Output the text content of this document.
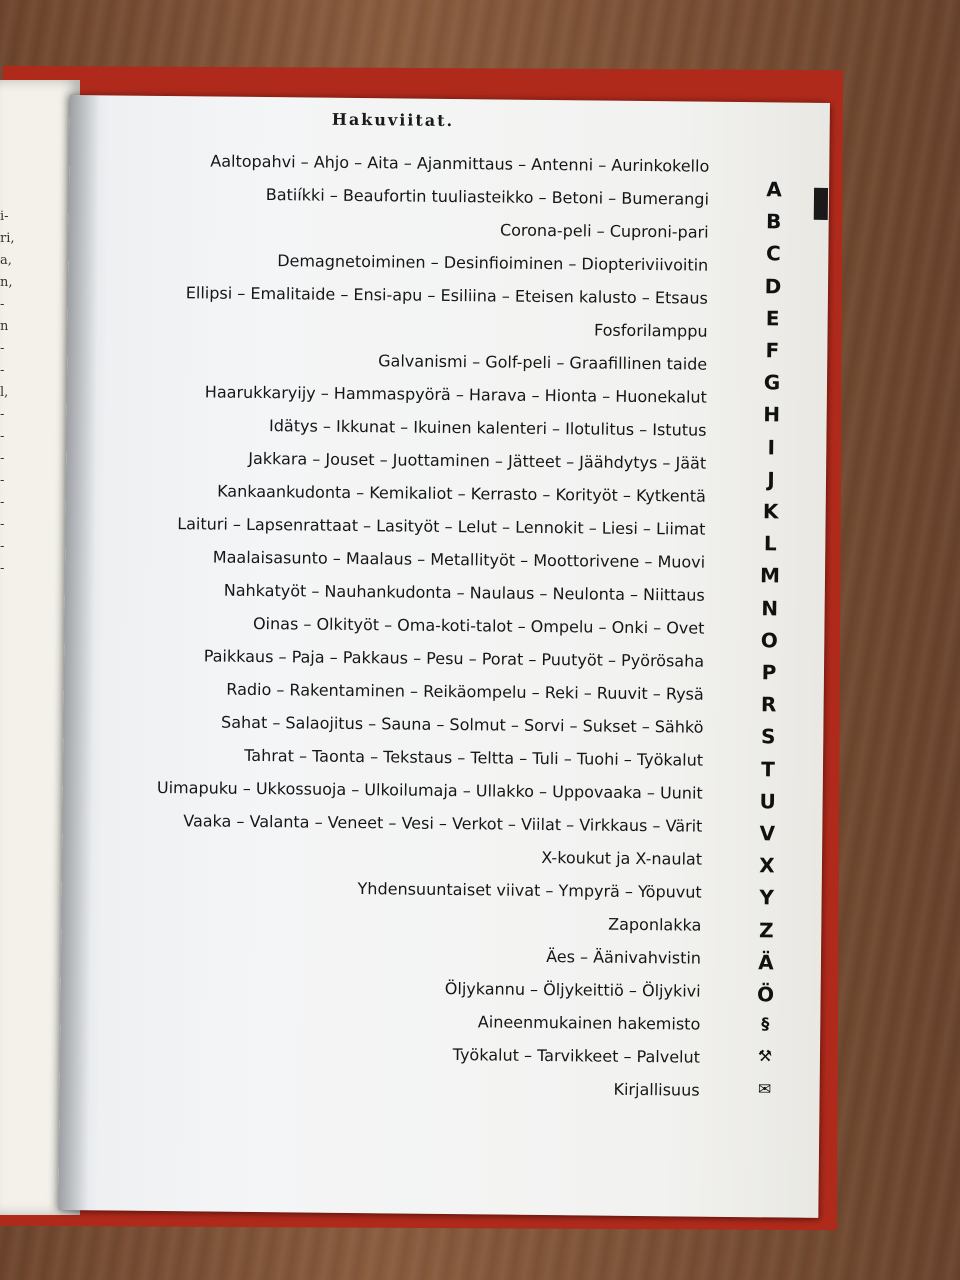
i-
ri,
a,
n,
-
n
-
-
l,
-
-
-
-
-
-
-
-
Hakuviitat.
Aaltopahvi – Ahjo – Aita – Ajanmittaus – Antenni – Aurinkokello
Batiíkki – Beaufortin tuuliasteikko – Betoni – Bumerangi
Corona-peli – Cuproni-pari
Demagnetoiminen – Desinfioiminen – Diopteriviivoitin
Ellipsi – Emalitaide – Ensi-apu – Esiliina – Eteisen kalusto – Etsaus
Fosforilamppu
Galvanismi – Golf-peli – Graafillinen taide
Haarukkaryijy – Hammaspyörä – Harava – Hionta – Huonekalut
Idätys – Ikkunat – Ikuinen kalenteri – Ilotulitus – Istutus
Jakkara – Jouset – Juottaminen – Jätteet – Jäähdytys – Jäät
Kankaankudonta – Kemikaliot – Kerrasto – Korityöt – Kytkentä
Laituri – Lapsenrattaat – Lasityöt – Lelut – Lennokit – Liesi – Liimat
Maalaisasunto – Maalaus – Metallityöt – Moottorivene – Muovi
Nahkatyöt – Nauhankudonta – Naulaus – Neulonta – Niittaus
Oinas – Olkityöt – Oma-koti-talot – Ompelu – Onki – Ovet
Paikkaus – Paja – Pakkaus – Pesu – Porat – Puutyöt – Pyörösaha
Radio – Rakentaminen – Reikäompelu – Reki – Ruuvit – Rysä
Sahat – Salaojitus – Sauna – Solmut – Sorvi – Sukset – Sähkö
Tahrat – Taonta – Tekstaus – Teltta – Tuli – Tuohi – Työkalut
Uimapuku – Ukkossuoja – Ulkoilumaja – Ullakko – Uppovaaka – Uunit
Vaaka – Valanta – Veneet – Vesi – Verkot – Viilat – Virkkaus – Värit
X-koukut ja X-naulat
Yhdensuuntaiset viivat – Ympyrä – Yöpuvut
Zaponlakka
Äes – Äänivahvistin
Öljykannu – Öljykeittiö – Öljykivi
Aineenmukainen hakemisto
Työkalut – Tarvikkeet – Palvelut
Kirjallisuus
A
B
C
D
E
F
G
H
I
J
K
L
M
N
O
P
R
S
T
U
V
X
Y
Z
Ä
Ö
§
⚒
✉
